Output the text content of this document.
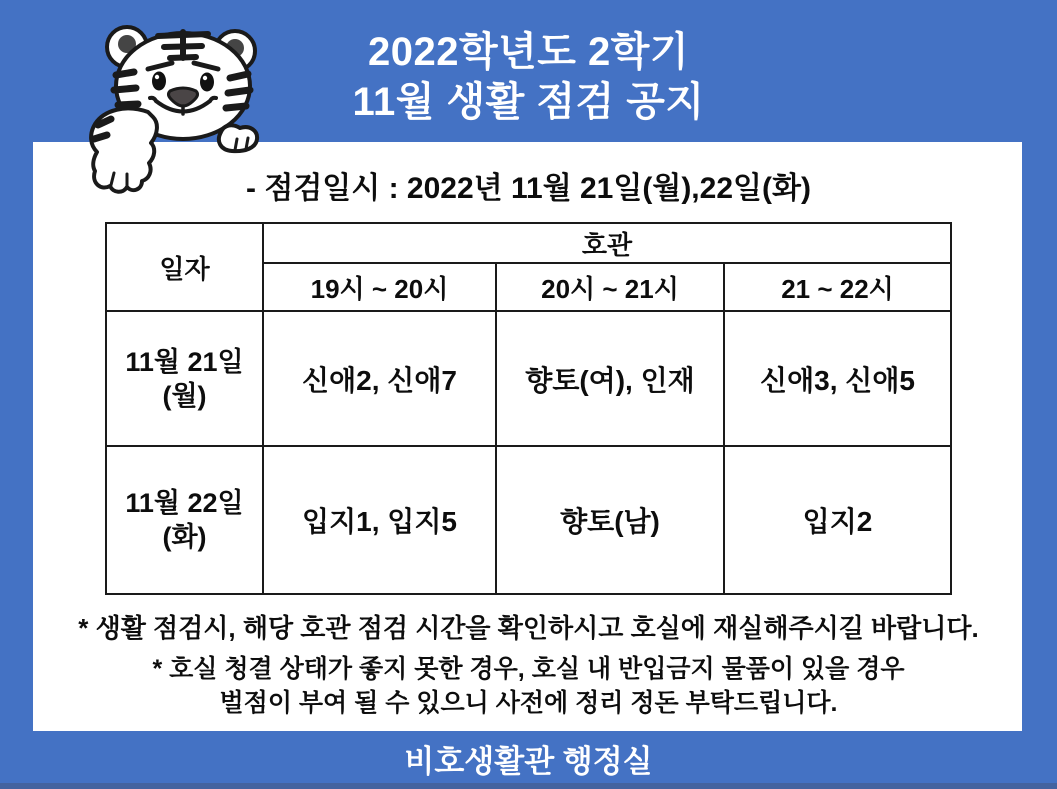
2022학년도 2학기
11월 생활 점검 공지
- 점검일시 : 2022년 11월 21일(월),22일(화)
일자	호관		
	19시 ~ 20시	20시 ~ 21시	21 ~ 22시

11월 21일
(월)	신애2, 신애7	향토(여), 인재	신애3, 신애5

11월 22일
(화)	입지1, 입지5	향토(남)	입지2
* 생활 점검시, 해당 호관 점검 시간을 확인하시고 호실에 재실해주시길 바랍니다.
* 호실 청결 상태가 좋지 못한 경우, 호실 내 반입금지 물품이 있을 경우
벌점이 부여 될 수 있으니 사전에 정리 정돈 부탁드립니다.
비호생활관 행정실
